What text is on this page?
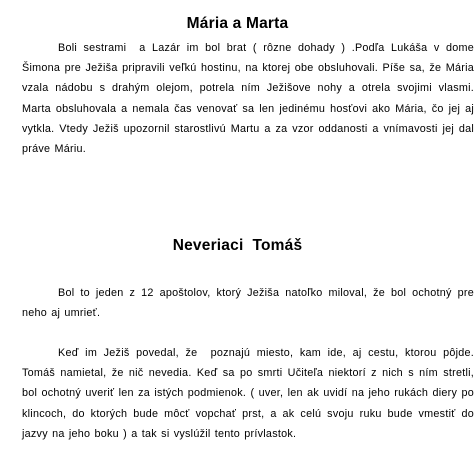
Mária a Marta

Boli sestrami  a Lazár im bol brat ( rôzne dohady ) .Podľa Lukáša v dome Šimona pre Ježiša pripravili veľkú hostinu, na ktorej obe obsluhovali. Píše sa, že Mária vzala nádobu s drahým olejom, potrela ním Ježišove nohy a otrela svojimi vlasmi. Marta obsluhovala a nemala čas venovať sa len jedinému hosťovi ako Mária, čo jej aj vytkla. Vtedy Ježiš upozornil starostlivú Martu a za vzor oddanosti a vnímavosti jej dal práve Máriu.

Neveriaci  Tomáš

Bol to jeden z 12 apoštolov, ktorý Ježiša natoľko miloval, že bol ochotný pre neho aj umrieť.

Keď im Ježiš povedal, že  poznajú miesto, kam ide, aj cestu, ktorou pôjde. Tomáš namietal, že nič nevedia. Keď sa po smrti Učiteľa niektorí z nich s ním stretli, bol ochotný uveriť len za istých podmienok. ( uver, len ak uvidí na jeho rukách diery po klincoch, do ktorých bude môcť vopchať prst, a ak celú svoju ruku bude vmestiť do jazvy na jeho boku ) a tak si vyslúžil tento prívlastok.
